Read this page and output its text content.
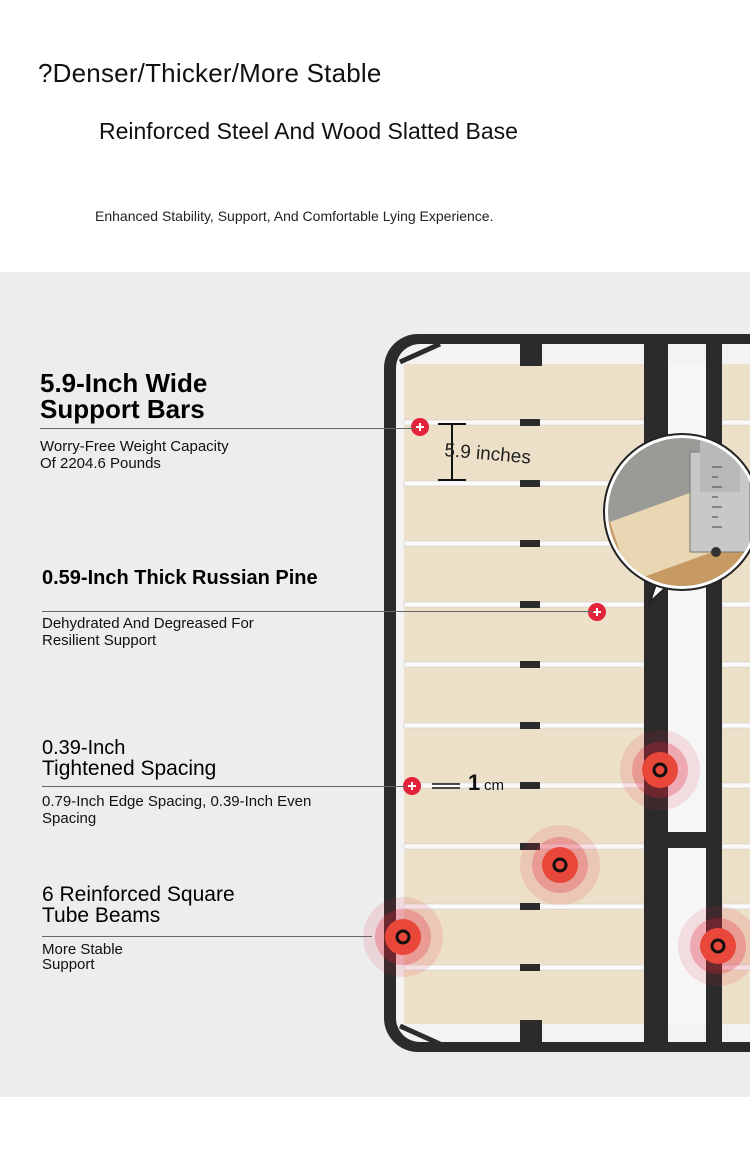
?Denser/Thicker/More Stable
Reinforced Steel And Wood Slatted Base
Enhanced Stability, Support, And Comfortable Lying Experience.
5.9 inches
1 cm
5.9-Inch Wide
Support Bars
Worry-Free Weight Capacity
Of 2204.6 Pounds
0.59-Inch Thick Russian Pine
Dehydrated And Degreased For
Resilient Support
0.39-Inch
Tightened Spacing
0.79-Inch Edge Spacing, 0.39-Inch Even
Spacing
6 Reinforced Square
Tube Beams
More Stable
Support
